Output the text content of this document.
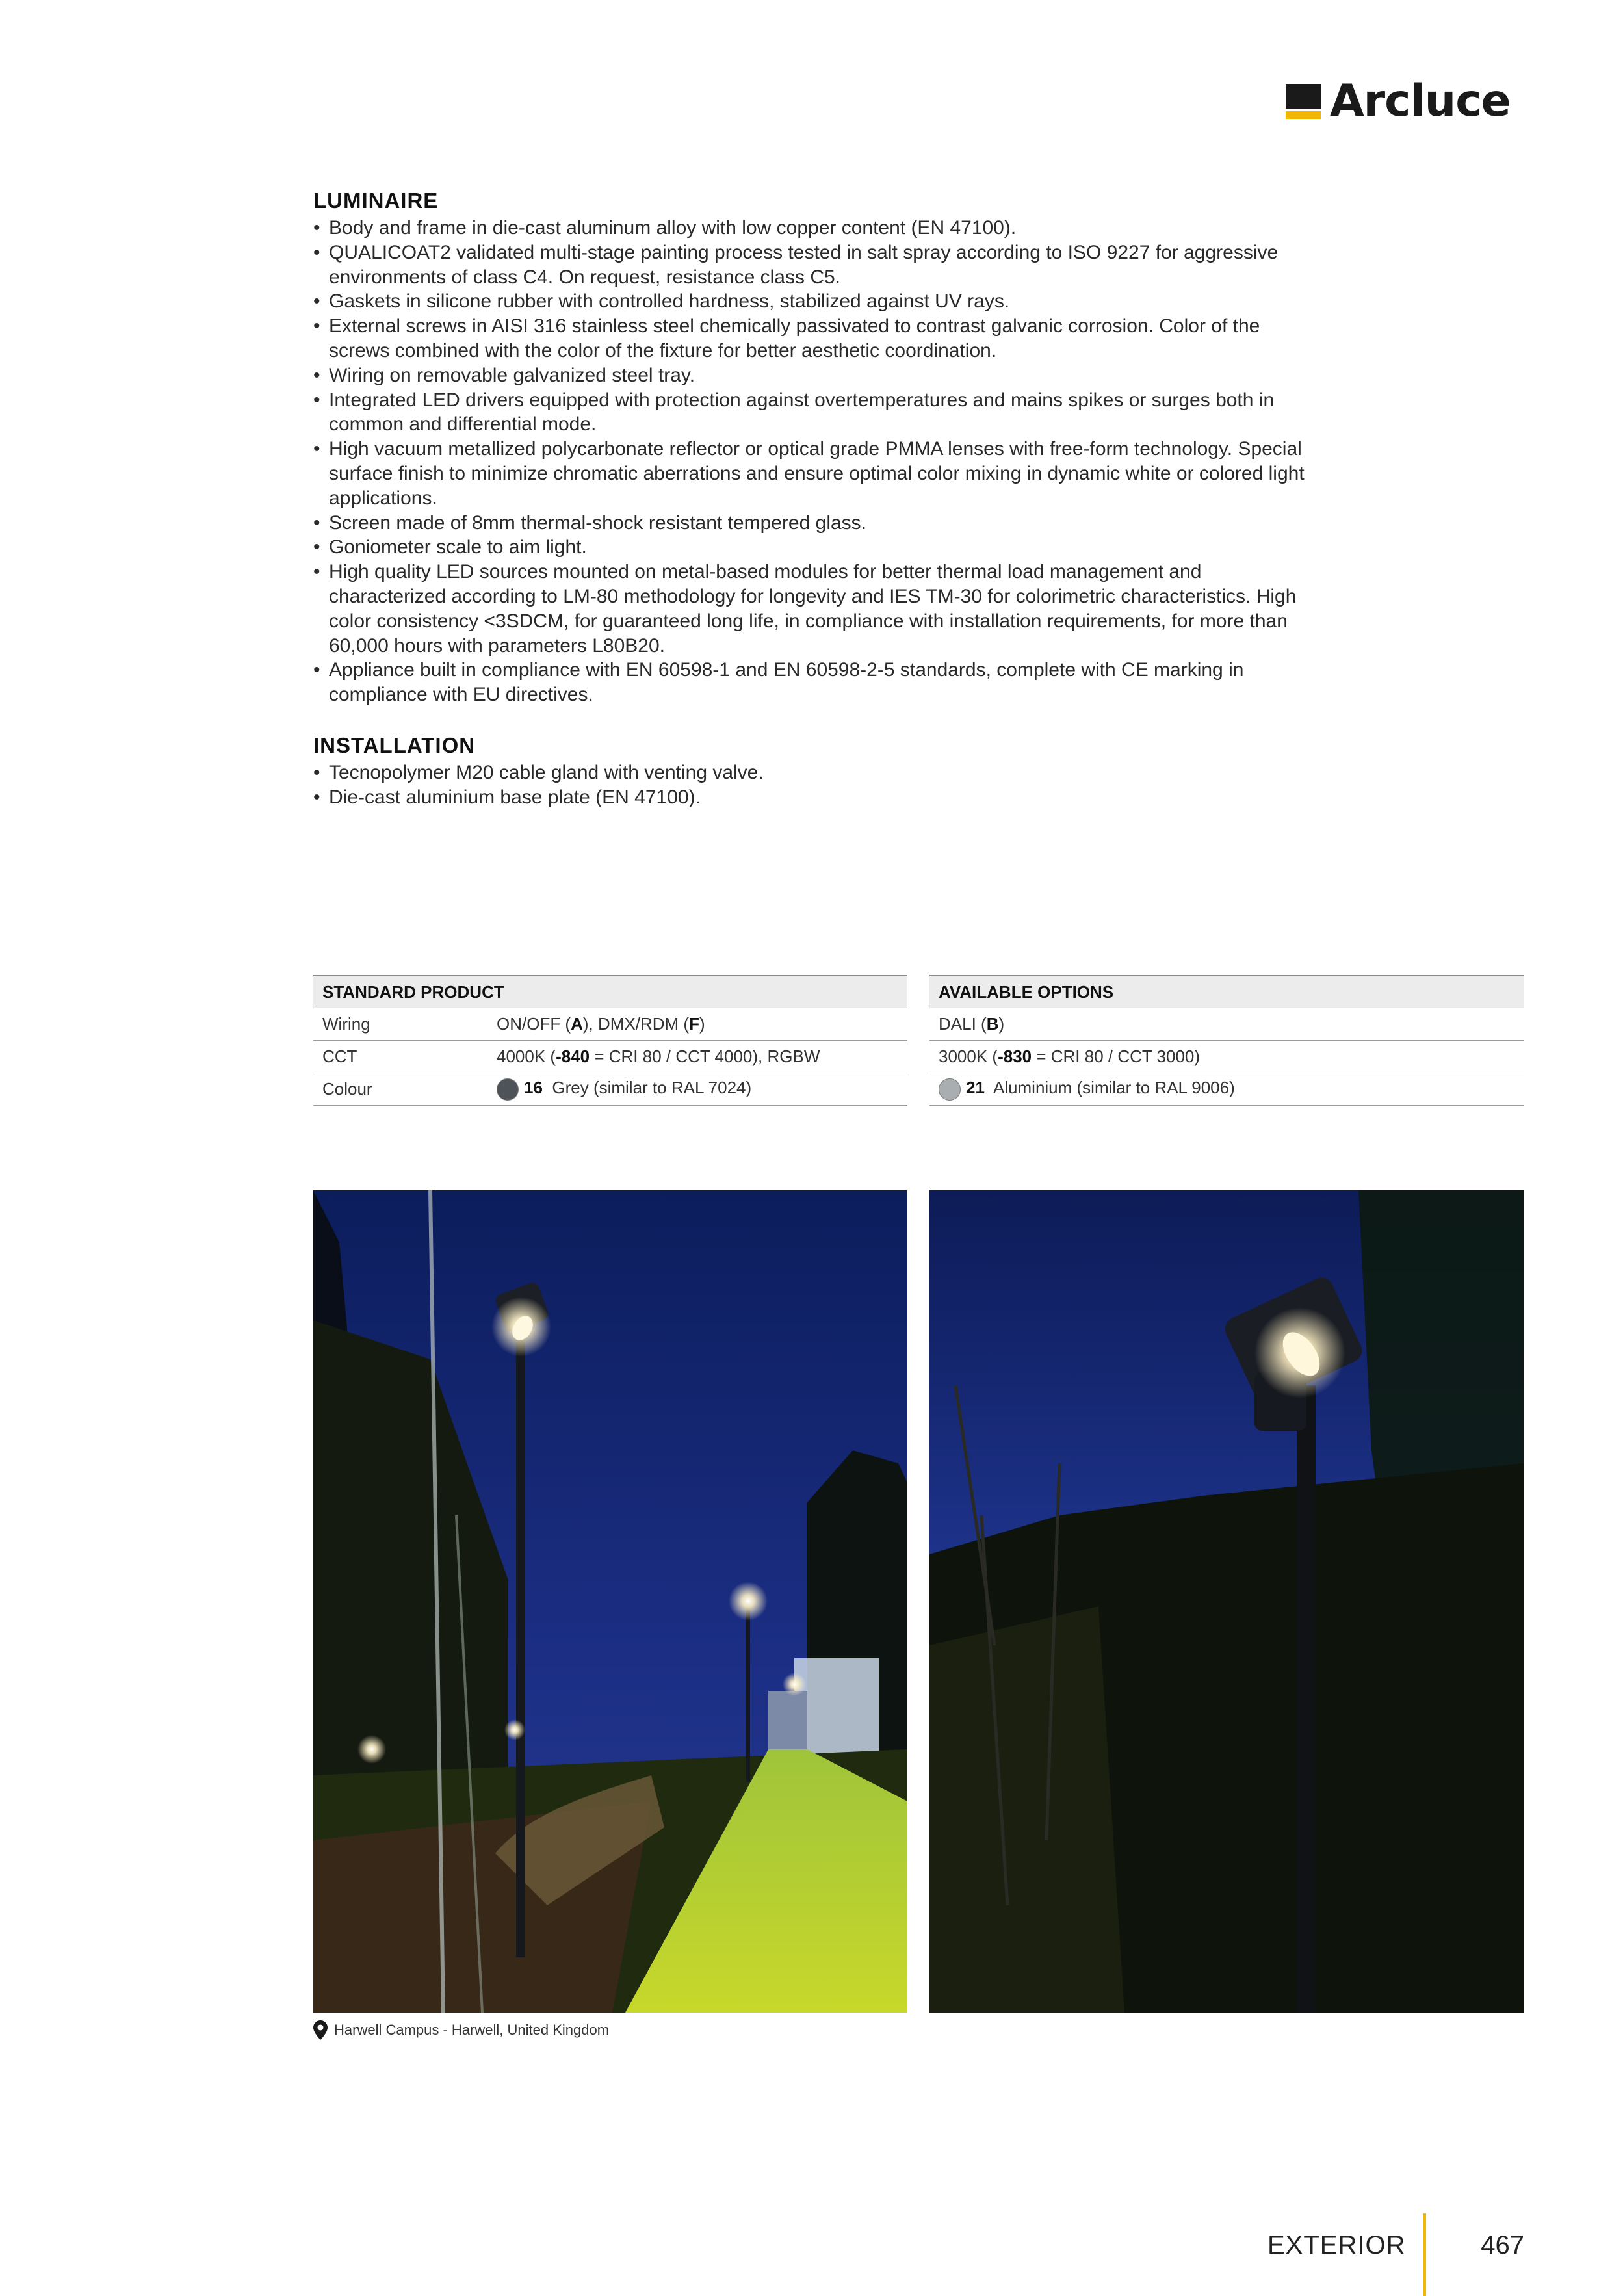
Arcluce
LUMINAIRE
• Body and frame in die-cast aluminum alloy with low copper content (EN 47100).
• QUALICOAT2 validated multi-stage painting process tested in salt spray according to ISO 9227 for aggressive environments of class C4. On request, resistance class C5.
• Gaskets in silicone rubber with controlled hardness, stabilized against UV rays.
• External screws in AISI 316 stainless steel chemically passivated to contrast galvanic corrosion. Color of the screws combined with the color of the fixture for better aesthetic coordination.
• Wiring on removable galvanized steel tray.
• Integrated LED drivers equipped with protection against overtemperatures and mains spikes or surges both in common and differential mode.
• High vacuum metallized polycarbonate reflector or optical grade PMMA lenses with free-form technology. Special surface finish to minimize chromatic aberrations and ensure optimal color mixing in dynamic white or colored light applications.
• Screen made of 8mm thermal-shock resistant tempered glass.
• Goniometer scale to aim light.
• High quality LED sources mounted on metal-based modules for better thermal load management and characterized according to LM-80 methodology for longevity and IES TM-30 for colorimetric characteristics. High color consistency <3SDCM, for guaranteed long life, in compliance with installation requirements, for more than 60,000 hours with parameters L80B20.
• Appliance built in compliance with EN 60598-1 and EN 60598-2-5 standards, complete with CE marking in compliance with EU directives.
INSTALLATION
• Tecnopolymer M20 cable gland with venting valve.
• Die-cast aluminium base plate (EN 47100).
STANDARD PRODUCT	
Wiring	ON/OFF (A), DMX/RDM (F)
CCT	4000K (-840 = CRI 80 / CCT 4000), RGBW
Colour	16 Grey (similar to RAL 7024)
AVAILABLE OPTIONS
DALI (B)
3000K (-830 = CRI 80 / CCT 3000)
21 Aluminium (similar to RAL 9006)
Harwell Campus - Harwell, United Kingdom
EXTERIOR	467
